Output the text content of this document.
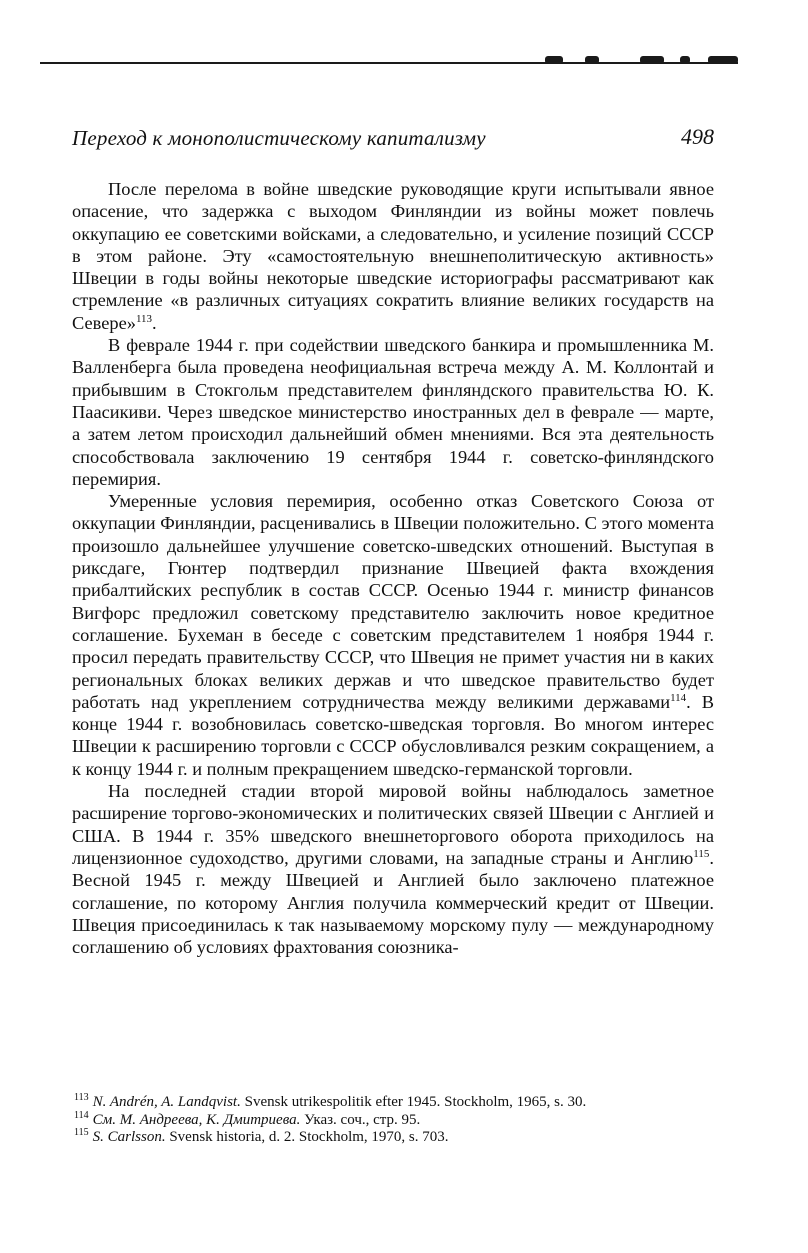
Переход к монополистическому капитализму	498

После перелома в войне шведские руководящие круги испытывали явное опасение, что задержка с выходом Финляндии из войны может повлечь оккупацию ее советскими войсками, а следовательно, и усиление позиций СССР в этом районе. Эту «самостоятельную внешнеполитическую активность» Швеции в годы войны некоторые шведские историографы рассматривают как стремление «в различных ситуациях сократить влияние великих государств на Севере»$^{113}$.

В феврале 1944 г. при содействии шведского банкира и промышленника М. Валленберга была проведена неофициальная встреча между А. М. Коллонтай и прибывшим в Стокгольм представителем финляндского правительства Ю. К. Паасикиви. Через шведское министерство иностранных дел в феврале — марте, а затем летом происходил дальнейший обмен мнениями. Вся эта деятельность способствовала заключению 19 сентября 1944 г. советско-финляндского перемирия.

Умеренные условия перемирия, особенно отказ Советского Союза от оккупации Финляндии, расценивались в Швеции положительно. С этого момента произошло дальнейшее улучшение советско-шведских отношений. Выступая в риксдаге, Гюнтер подтвердил признание Швецией факта вхождения прибалтийских республик в состав СССР. Осенью 1944 г. министр финансов Вигфорс предложил советскому представителю заключить новое кредитное соглашение. Бухеман в беседе с советским представителем 1 ноября 1944 г. просил передать правительству СССР, что Швеция не примет участия ни в каких региональных блоках великих держав и что шведское правительство будет работать над укреплением сотрудничества между великими державами$^{114}$. В конце 1944 г. возобновилась советско-шведская торговля. Во многом интерес Швеции к расширению торговли с СССР обусловливался резким сокращением, а к концу 1944 г. и полным прекращением шведско-германской торговли.

На последней стадии второй мировой войны наблюдалось заметное расширение торгово-экономических и политических связей Швеции с Англией и США. В 1944 г. 35% шведского внешнеторгового оборота приходилось на лицензионное судоходство, другими словами, на западные страны и Англию$^{115}$. Весной 1945 г. между Швецией и Англией было заключено платежное соглашение, по которому Англия получила коммерческий кредит от Швеции. Швеция присоединилась к так называемому морскому пулу — международному соглашению об условиях фрахтования союзника-

$^{113}$ N. Andrén, A. Landqvist. Svensk utrikespolitik efter 1945. Stockholm, 1965, s. 30.

$^{114}$ См. М. Андреева, К. Дмитриева. Указ. соч., стр. 95.

$^{115}$ S. Carlsson. Svensk historia, d. 2. Stockholm, 1970, s. 703.
